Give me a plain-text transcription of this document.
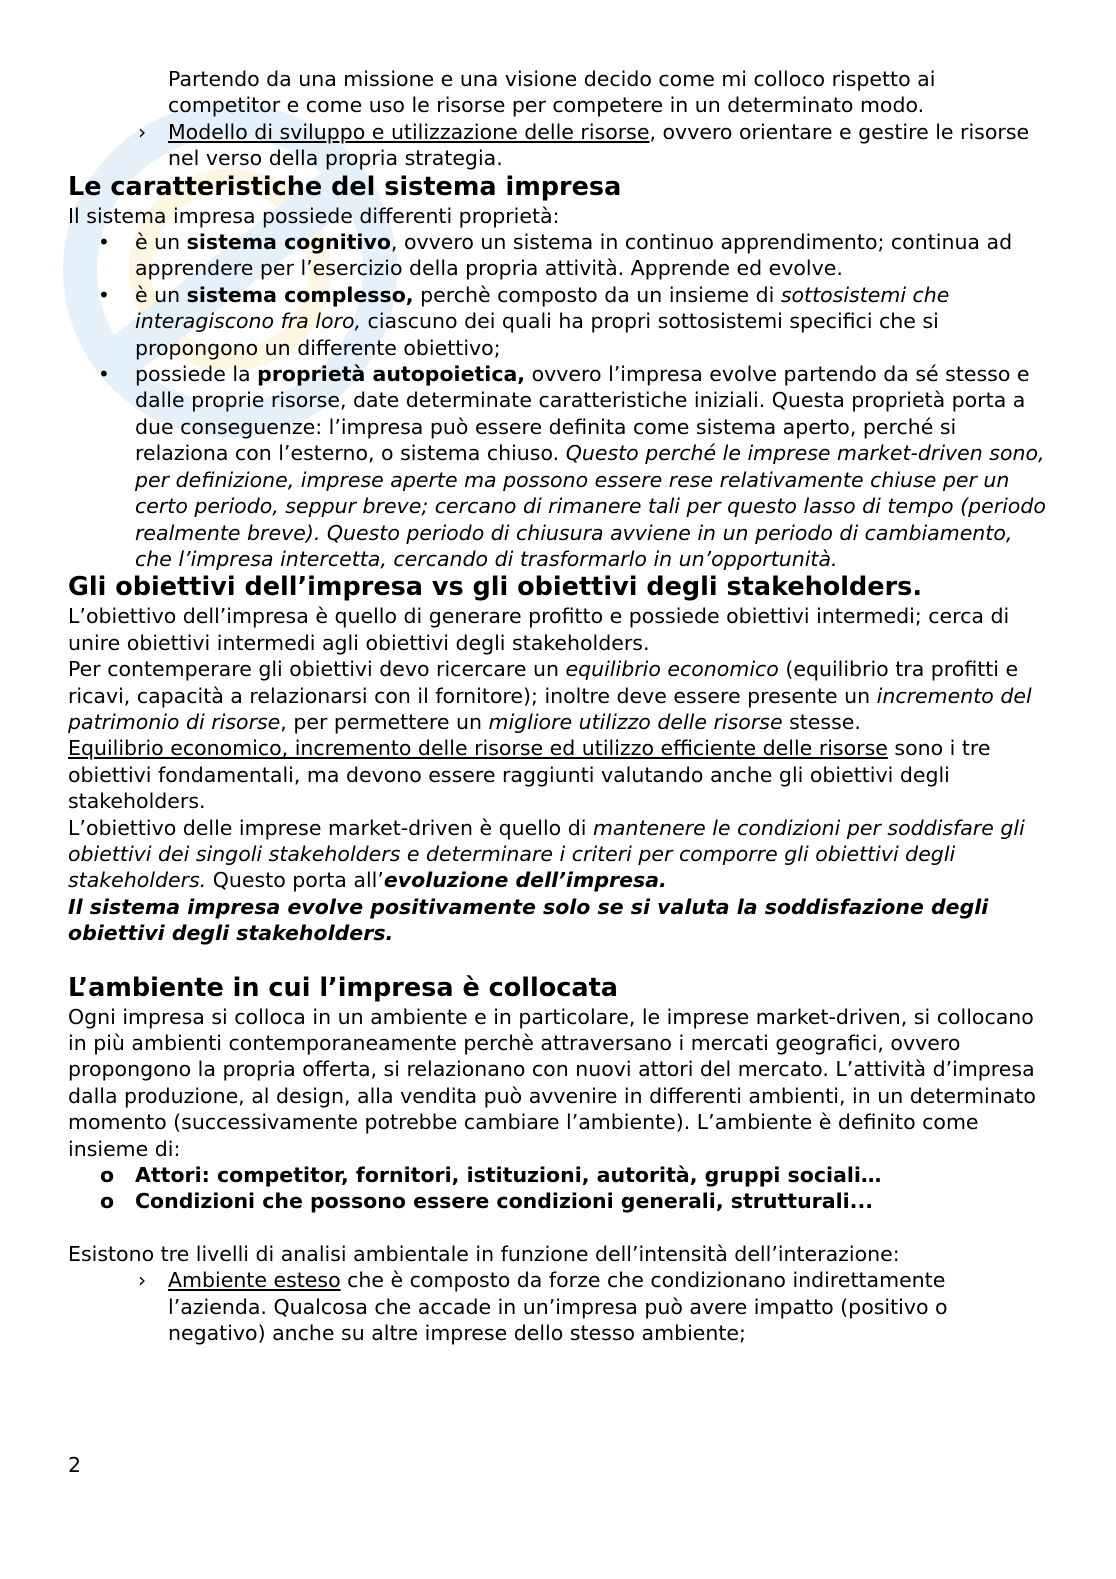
Partendo da una missione e una visione decido come mi colloco rispetto ai competitor e come uso le risorse per competere in un determinato modo.

› Modello di sviluppo e utilizzazione delle risorse, ovvero orientare e gestire le risorse nel verso della propria strategia.

Le caratteristiche del sistema impresa

Il sistema impresa possiede differenti proprietà:

• è un sistema cognitivo, ovvero un sistema in continuo apprendimento; continua ad apprendere per l’esercizio della propria attività. Apprende ed evolve.
• è un sistema complesso, perchè composto da un insieme di sottosistemi che interagiscono fra loro, ciascuno dei quali ha propri sottosistemi specifici che si propongono un differente obiettivo;
• possiede la proprietà autopoietica, ovvero l’impresa evolve partendo da sé stesso e dalle proprie risorse, date determinate caratteristiche iniziali. Questa proprietà porta a due conseguenze: l’impresa può essere definita come sistema aperto, perché si relaziona con l’esterno, o sistema chiuso. Questo perché le imprese market-driven sono, per definizione, imprese aperte ma possono essere rese relativamente chiuse per un certo periodo, seppur breve; cercano di rimanere tali per questo lasso di tempo (periodo realmente breve). Questo periodo di chiusura avviene in un periodo di cambiamento, che l’impresa intercetta, cercando di trasformarlo in un’opportunità.
Gli obiettivi dell’impresa vs gli obiettivi degli stakeholders.

L’obiettivo dell’impresa è quello di generare profitto e possiede obiettivi intermedi; cerca di unire obiettivi intermedi agli obiettivi degli stakeholders.

Per contemperare gli obiettivi devo ricercare un equilibrio economico (equilibrio tra profitti e ricavi, capacità a relazionarsi con il fornitore); inoltre deve essere presente un incremento del patrimonio di risorse, per permettere un migliore utilizzo delle risorse stesse.

Equilibrio economico, incremento delle risorse ed utilizzo efficiente delle risorse sono i tre obiettivi fondamentali, ma devono essere raggiunti valutando anche gli obiettivi degli stakeholders.

L’obiettivo delle imprese market-driven è quello di mantenere le condizioni per soddisfare gli obiettivi dei singoli stakeholders e determinare i criteri per comporre gli obiettivi degli stakeholders. Questo porta all’evoluzione dell’impresa.

Il sistema impresa evolve positivamente solo se si valuta la soddisfazione degli obiettivi degli stakeholders.

L’ambiente in cui l’impresa è collocata

Ogni impresa si colloca in un ambiente e in particolare, le imprese market-driven, si collocano in più ambienti contemporaneamente perchè attraversano i mercati geografici, ovvero propongono la propria offerta, si relazionano con nuovi attori del mercato. L’attività d’impresa dalla produzione, al design, alla vendita può avvenire in differenti ambienti, in un determinato momento (successivamente potrebbe cambiare l’ambiente). L’ambiente è definito come insieme di:

o Attori: competitor, fornitori, istituzioni, autorità, gruppi sociali…
o Condizioni che possono essere condizioni generali, strutturali...

Esistono tre livelli di analisi ambientale in funzione dell’intensità dell’interazione:

› Ambiente esteso che è composto da forze che condizionano indirettamente l’azienda. Qualcosa che accade in un’impresa può avere impatto (positivo o negativo) anche su altre imprese dello stesso ambiente;

2
